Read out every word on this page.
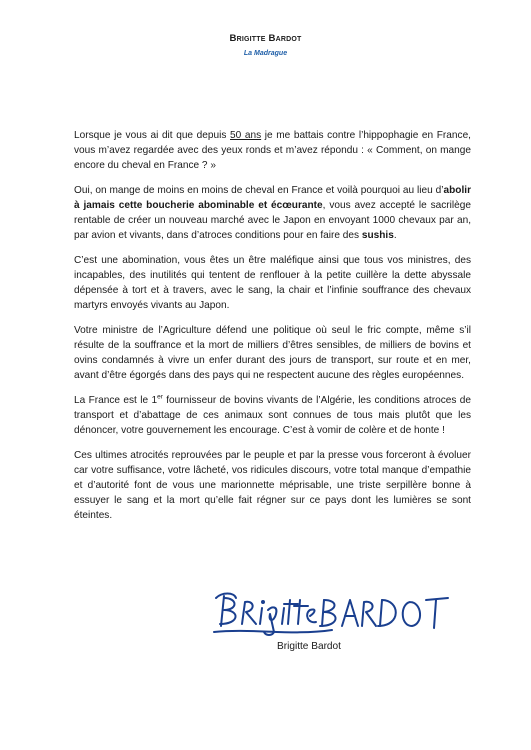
Brigitte Bardot
La Madrague

Lorsque je vous ai dit que depuis 50 ans je me battais contre l’hippophagie en France, vous m’avez regardée avec des yeux ronds et m’avez répondu : « Comment, on mange encore du cheval en France ? »

Oui, on mange de moins en moins de cheval en France et voilà pourquoi au lieu d’abolir à jamais cette boucherie abominable et écœurante, vous avez accepté le sacrilège rentable de créer un nouveau marché avec le Japon en envoyant 1000 chevaux par an, par avion et vivants, dans d’atroces conditions pour en faire des sushis.

C’est une abomination, vous êtes un être maléfique ainsi que tous vos ministres, des incapables, des inutilités qui tentent de renflouer à la petite cuillère la dette abyssale dépensée à tort et à travers, avec le sang, la chair et l’infinie souffrance des chevaux martyrs envoyés vivants au Japon.

Votre ministre de l’Agriculture défend une politique où seul le fric compte, même s’il résulte de la souffrance et la mort de milliers d’êtres sensibles, de milliers de bovins et ovins condamnés à vivre un enfer durant des jours de transport, sur route et en mer, avant d’être égorgés dans des pays qui ne respectent aucune des règles européennes.

La France est le 1er fournisseur de bovins vivants de l’Algérie, les conditions atroces de transport et d’abattage de ces animaux sont connues de tous mais plutôt que les dénoncer, votre gouvernement les encourage. C’est à vomir de colère et de honte !

Ces ultimes atrocités reprouvées par le peuple et par la presse vous forceront à évoluer car votre suffisance, votre lâcheté, vos ridicules discours, votre total manque d’empathie et d’autorité font de vous une marionnette méprisable, une triste serpillère bonne à essuyer le sang et la mort qu’elle fait régner sur ce pays dont les lumières se sont éteintes.

Brigitte Bardot
